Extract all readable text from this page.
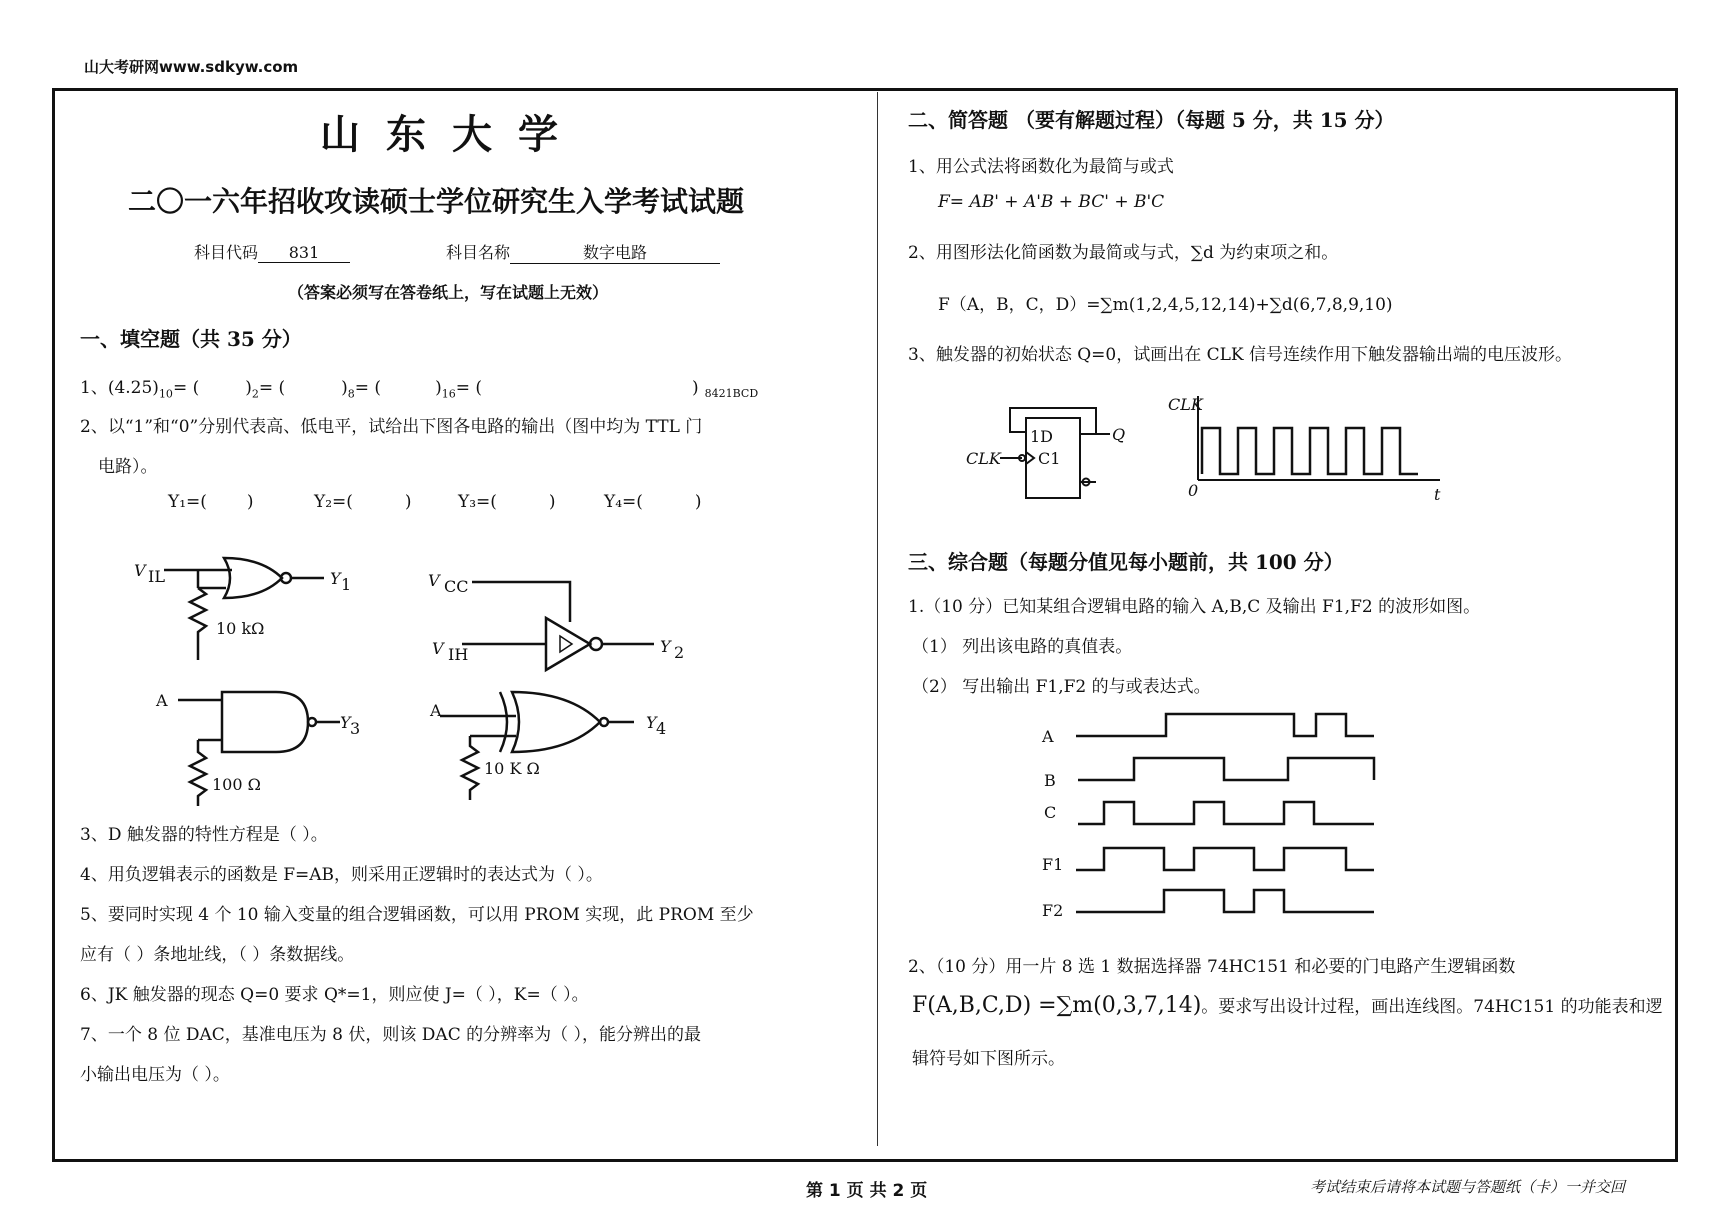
山大考研网www.sdkyw.com
山东大学
二〇一六年招收攻读硕士学位研究生入学考试试题
科目代码 831	科目名称	数字电路
（答案必须写在答卷纸上，写在试题上无效）
一、填空题（共 35 分）
1、$(4.25)_{10}=$ (	)$_2=$ (	)$_8=$ (	)$_{16}=$ (	) $_{8421BCD}$
2、以“1”和“0”分别代表高、低电平，试给出下图各电路的输出（图中均为 TTL 门
电路）。
Y₁=( )	Y₂=(	)	Y₃=(	)	Y₄=(	)
V IL	Y 1
10 kΩ
V CC
V IH	Y 2
A
Y 3
100 Ω
A
Y 4
10 K Ω
3、D 触发器的特性方程是（ ）。
4、用负逻辑表示的函数是 F=AB，则采用正逻辑时的表达式为（ ）。
5、要同时实现 4 个 10 输入变量的组合逻辑函数，可以用 PROM 实现，此 PROM 至少
应有（ ）条地址线，（ ）条数据线。
6、JK 触发器的现态 Q=0 要求 Q*=1，则应使 J=（ ），K=（ ）。
7、一个 8 位 DAC，基准电压为 8 伏，则该 DAC 的分辨率为（ ），能分辨出的最
小输出电压为（ ）。
二、简答题 （要有解题过程）（每题 5 分，共 15 分）
1、用公式法将函数化为最简与或式
F= AB' + A'B + BC' + B'C
2、用图形法化简函数为最简或与式，∑d 为约束项之和。
F（A，B，C，D）=∑m(1,2,4,5,12,14)+∑d(6,7,8,9,10)
3、触发器的初始状态 Q=0，试画出在 CLK 信号连续作用下触发器输出端的电压波形。
1D
C1
CLK
Q
CLK
0	t
三、综合题（每题分值见每小题前，共 100 分）
1.（10 分）已知某组合逻辑电路的输入 A,B,C 及输出 F1,F2 的波形如图。
（1） 列出该电路的真值表。
（2） 写出输出 F1,F2 的与或表达式。
A
B
C
F1
F2
2、（10 分）用一片 8 选 1 数据选择器 74HC151 和必要的门电路产生逻辑函数
F(A,B,C,D) =∑m(0,3,7,14)。要求写出设计过程，画出连线图。74HC151 的功能表和逻
辑符号如下图所示。
第 1 页 共 2 页	考试结束后请将本试题与答题纸（卡）一并交回
